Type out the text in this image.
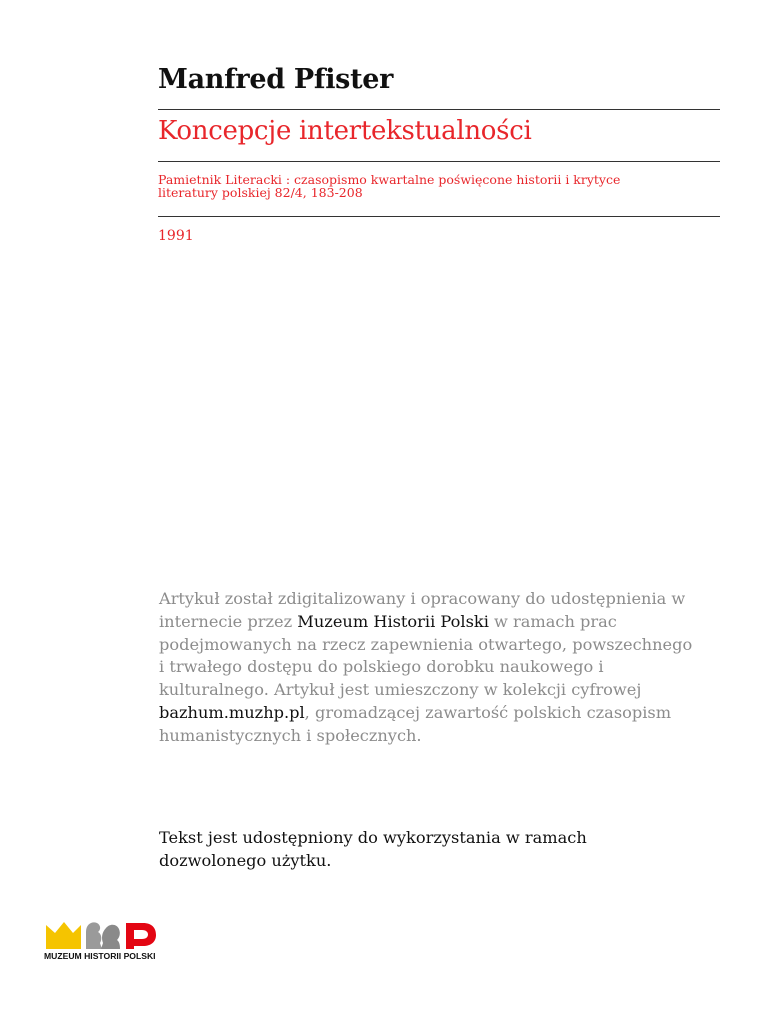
Manfred Pfister
Koncepcje intertekstualności
Pamietnik Literacki : czasopismo kwartalne poświęcone historii i krytyce
literatury polskiej 82/4, 183-208
1991
Artykuł został zdigitalizowany i opracowany do udostępnienia w internecie przez Muzeum Historii Polski w ramach prac podejmowanych na rzecz zapewnienia otwartego, powszechnego i trwałego dostępu do polskiego dorobku naukowego i kulturalnego. Artykuł jest umieszczony w kolekcji cyfrowej bazhum.muzhp.pl, gromadzącej zawartość polskich czasopism humanistycznych i społecznych.
Tekst jest udostępniony do wykorzystania w ramach dozwolonego użytku.
MUZEUM HISTORII POLSKI
